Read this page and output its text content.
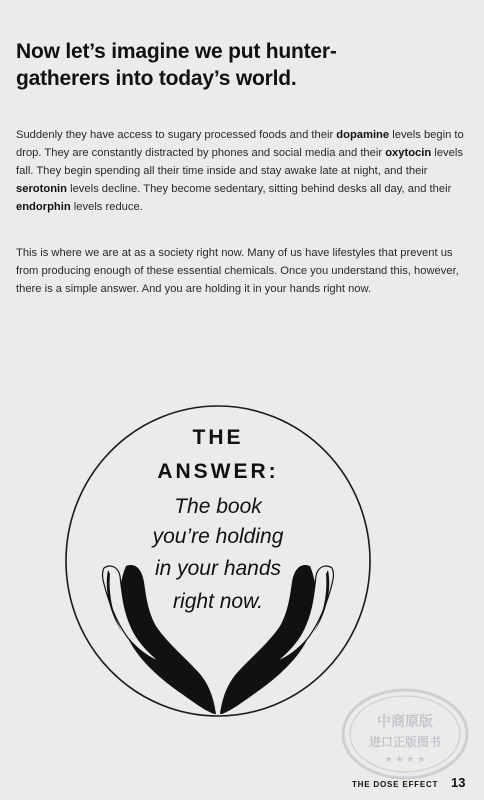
Now let’s imagine we put hunter-
gatherers into today’s world.
Suddenly they have access to sugary processed foods and their dopamine levels begin to drop. They are constantly distracted by phones and social media and their oxytocin levels fall. They begin spending all their time inside and stay awake late at night, and their serotonin levels decline. They become sedentary, sitting behind desks all day, and their endorphin levels reduce.
This is where we are at as a society right now. Many of us have lifestyles that prevent us from producing enough of these essential chemicals. Once you understand this, however, there is a simple answer. And you are holding it in your hands right now.
THE
ANSWER:
The book
you’re holding
in your hands
right now.
中商原版
进口正版图书
★ ★ ★ ★
THE DOSE EFFECT 13
